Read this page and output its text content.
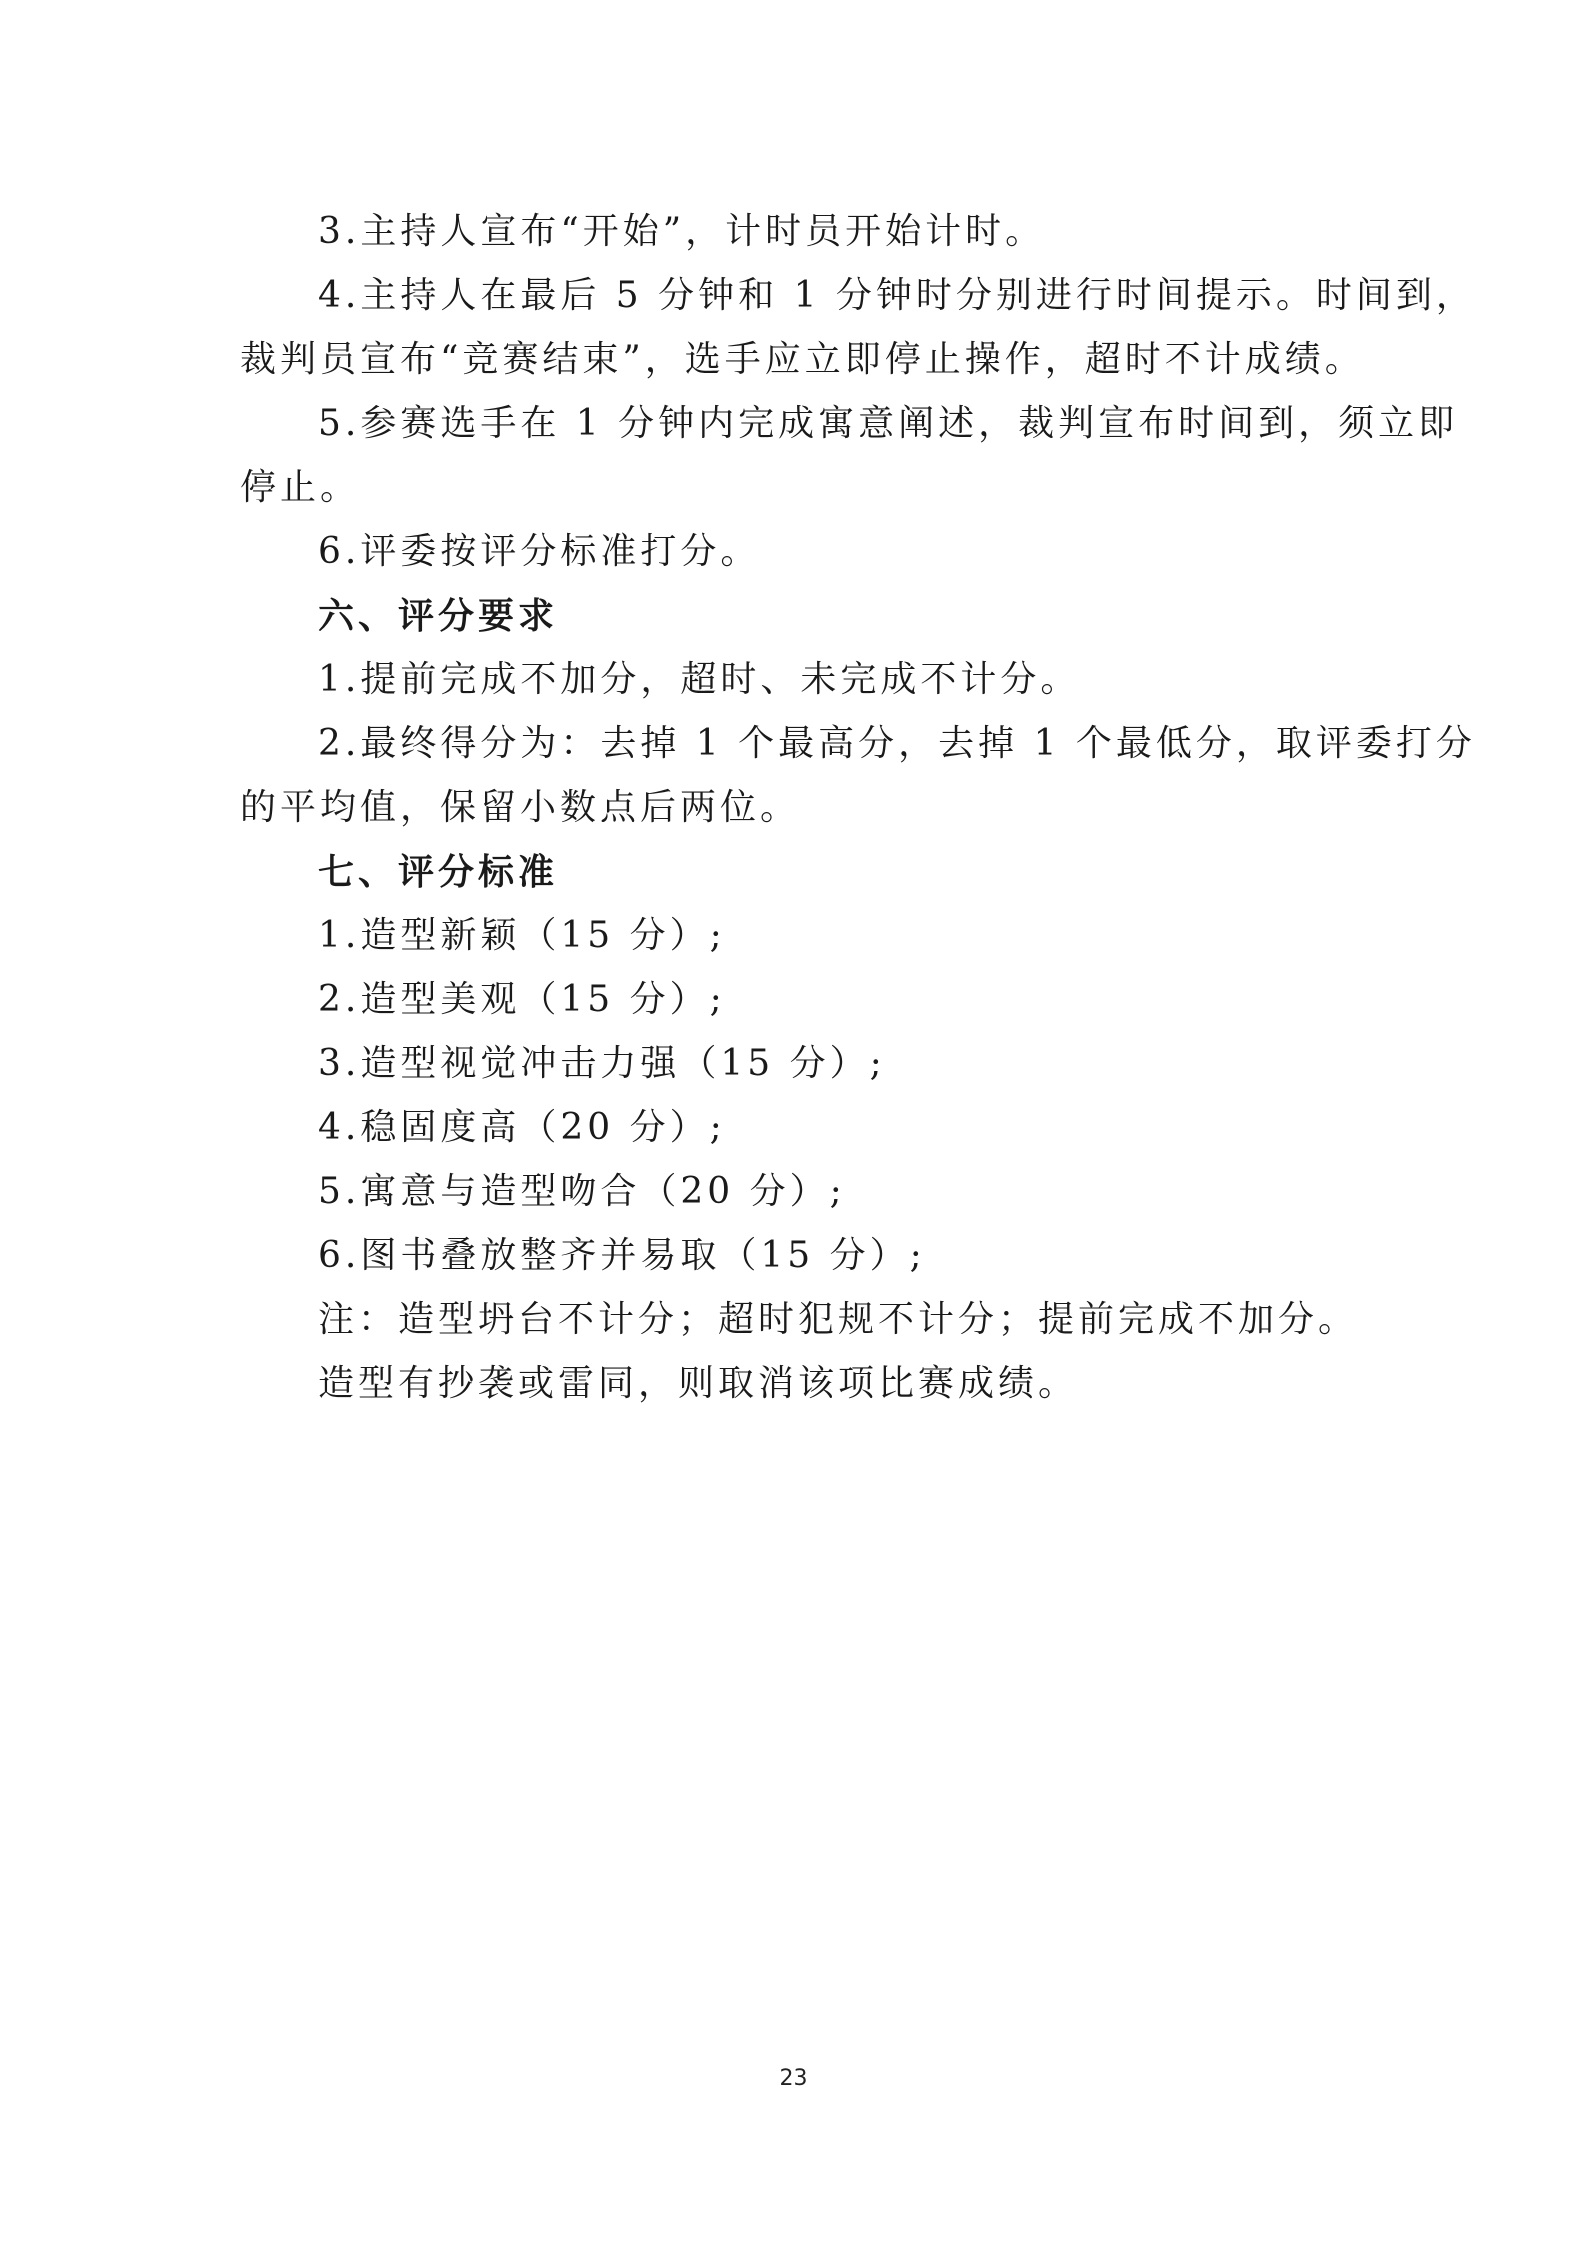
3.主持人宣布“开始”，计时员开始计时。
4.主持人在最后 5 分钟和 1 分钟时分别进行时间提示。时间到，
裁判员宣布“竞赛结束”，选手应立即停止操作，超时不计成绩。
5.参赛选手在 1 分钟内完成寓意阐述，裁判宣布时间到，须立即
停止。
6.评委按评分标准打分。
六、评分要求
1.提前完成不加分，超时、未完成不计分。
2.最终得分为：去掉 1 个最高分，去掉 1 个最低分，取评委打分
的平均值，保留小数点后两位。
七、评分标准
1.造型新颖（15 分）;
2.造型美观（15 分）;
3.造型视觉冲击力强（15 分）;
4.稳固度高（20 分）;
5.寓意与造型吻合（20 分）;
6.图书叠放整齐并易取（15 分）;
注：造型坍台不计分；超时犯规不计分；提前完成不加分。
造型有抄袭或雷同，则取消该项比赛成绩。
23
